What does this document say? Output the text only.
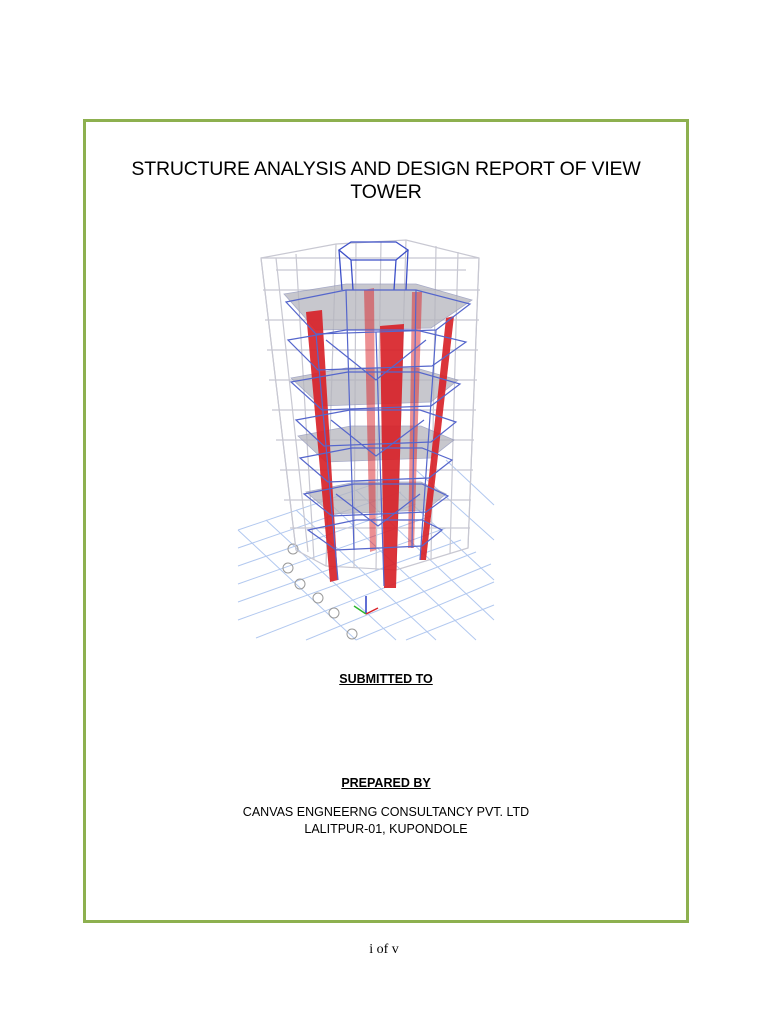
STRUCTURE ANALYSIS AND DESIGN REPORT OF VIEW
TOWER
SUBMITTED TO
PREPARED BY
CANVAS ENGNEERNG CONSULTANCY PVT. LTD
LALITPUR-01, KUPONDOLE
i of v
